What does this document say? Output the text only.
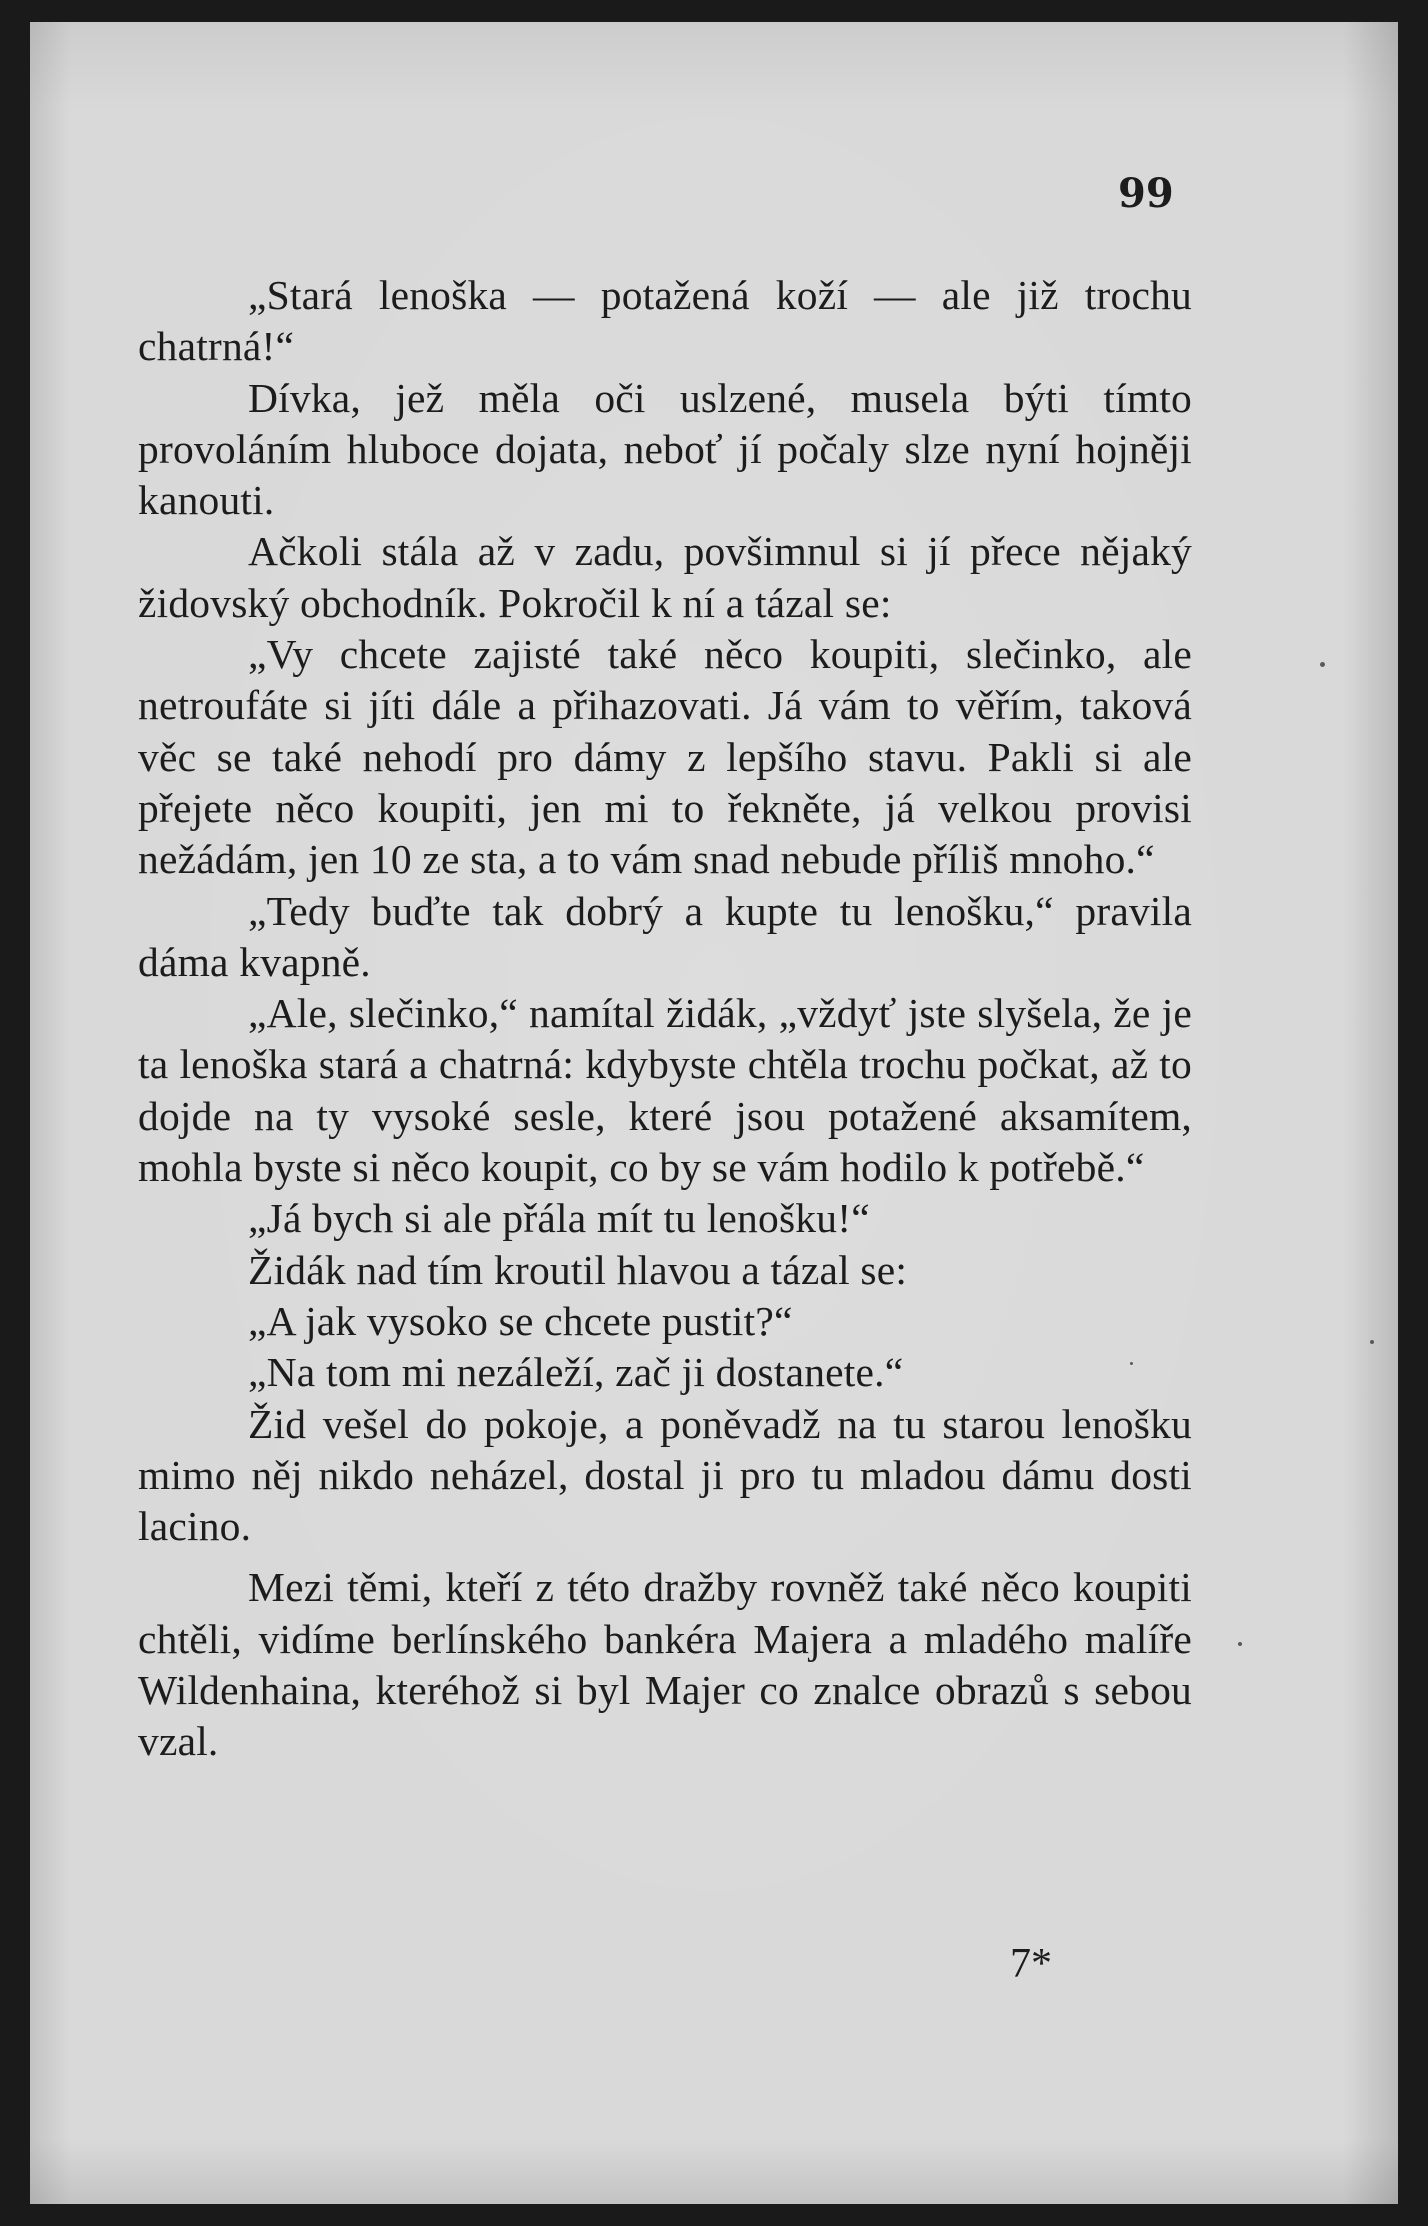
99

„Stará lenoška — potažená koží — ale již trochu chatrná!“

Dívka, jež měla oči uslzené, musela býti tímto provoláním hluboce dojata, neboť jí počaly slze nyní hojněji kanouti.

Ačkoli stála až v zadu, povšimnul si jí přece nějaký židovský obchodník. Pokročil k ní a tázal se:

„Vy chcete zajisté také něco koupiti, slečinko, ale netroufáte si jíti dále a přihazovati. Já vám to věřím, taková věc se také nehodí pro dámy z lepšího stavu. Pakli si ale přejete něco koupiti, jen mi to řekněte, já velkou provisi nežádám, jen 10 ze sta, a to vám snad nebude příliš mnoho.“

„Tedy buďte tak dobrý a kupte tu lenošku,“ pravila dáma kvapně.

„Ale, slečinko,“ namítal židák, „vždyť jste slyšela, že je ta lenoška stará a chatrná: kdybyste chtěla trochu počkat, až to dojde na ty vysoké sesle, které jsou potažené aksamítem, mohla byste si něco koupit, co by se vám hodilo k potřebě.“

„Já bych si ale přála mít tu lenošku!“

Židák nad tím kroutil hlavou a tázal se:

„A jak vysoko se chcete pustit?“

„Na tom mi nezáleží, zač ji dostanete.“

Žid vešel do pokoje, a poněvadž na tu starou lenošku mimo něj nikdo neházel, dostal ji pro tu mladou dámu dosti lacino.

Mezi těmi, kteří z této dražby rovněž také něco koupiti chtěli, vidíme berlínského bankéra Majera a mladého malíře Wildenhaina, kteréhož si byl Majer co znalce obrazů s sebou vzal.

7*
